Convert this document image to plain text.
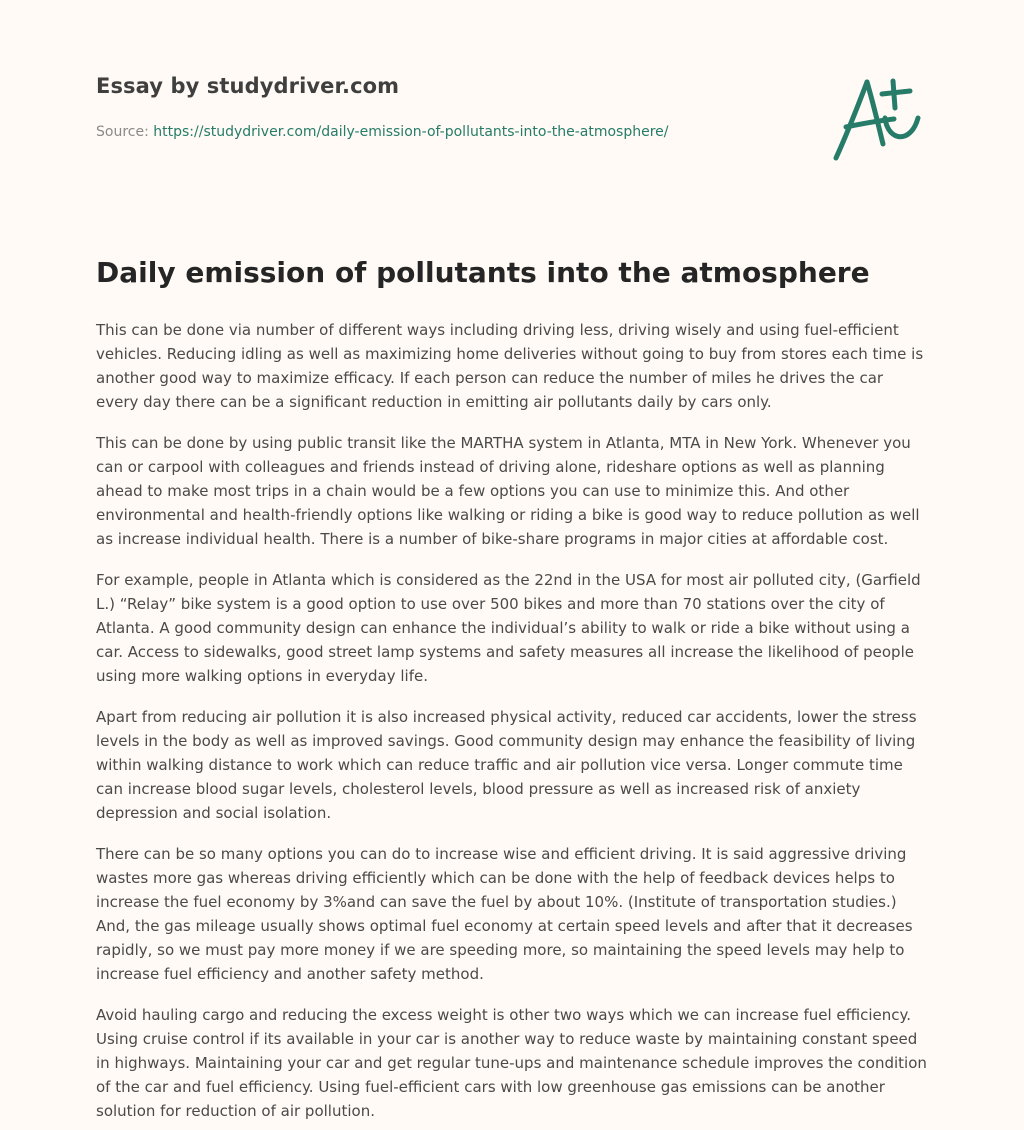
Essay by studydriver.com
Source: https://studydriver.com/daily-emission-of-pollutants-into-the-atmosphere/
Daily emission of pollutants into the atmosphere

This can be done via number of different ways including driving less, driving wisely and using fuel-efficient vehicles. Reducing idling as well as maximizing home deliveries without going to buy from stores each time is another good way to maximize efficacy. If each person can reduce the number of miles he drives the car every day there can be a significant reduction in emitting air pollutants daily by cars only.

This can be done by using public transit like the MARTHA system in Atlanta, MTA in New York. Whenever you can or carpool with colleagues and friends instead of driving alone, rideshare options as well as planning ahead to make most trips in a chain would be a few options you can use to minimize this. And other environmental and health-friendly options like walking or riding a bike is good way to reduce pollution as well as increase individual health. There is a number of bike-share programs in major cities at affordable cost.

For example, people in Atlanta which is considered as the 22nd in the USA for most air polluted city, (Garfield L.) “Relay” bike system is a good option to use over 500 bikes and more than 70 stations over the city of Atlanta. A good community design can enhance the individual’s ability to walk or ride a bike without using a car. Access to sidewalks, good street lamp systems and safety measures all increase the likelihood of people using more walking options in everyday life.

Apart from reducing air pollution it is also increased physical activity, reduced car accidents, lower the stress levels in the body as well as improved savings. Good community design may enhance the feasibility of living within walking distance to work which can reduce traffic and air pollution vice versa. Longer commute time can increase blood sugar levels, cholesterol levels, blood pressure as well as increased risk of anxiety depression and social isolation.

There can be so many options you can do to increase wise and efficient driving. It is said aggressive driving wastes more gas whereas driving efficiently which can be done with the help of feedback devices helps to increase the fuel economy by 3%and can save the fuel by about 10%. (Institute of transportation studies.) And, the gas mileage usually shows optimal fuel economy at certain speed levels and after that it decreases rapidly, so we must pay more money if we are speeding more, so maintaining the speed levels may help to increase fuel efficiency and another safety method.

Avoid hauling cargo and reducing the excess weight is other two ways which we can increase fuel efficiency. Using cruise control if its available in your car is another way to reduce waste by maintaining constant speed in highways. Maintaining your car and get regular tune-ups and maintenance schedule improves the condition of the car and fuel efficiency. Using fuel-efficient cars with low greenhouse gas emissions can be another solution for reduction of air pollution.
